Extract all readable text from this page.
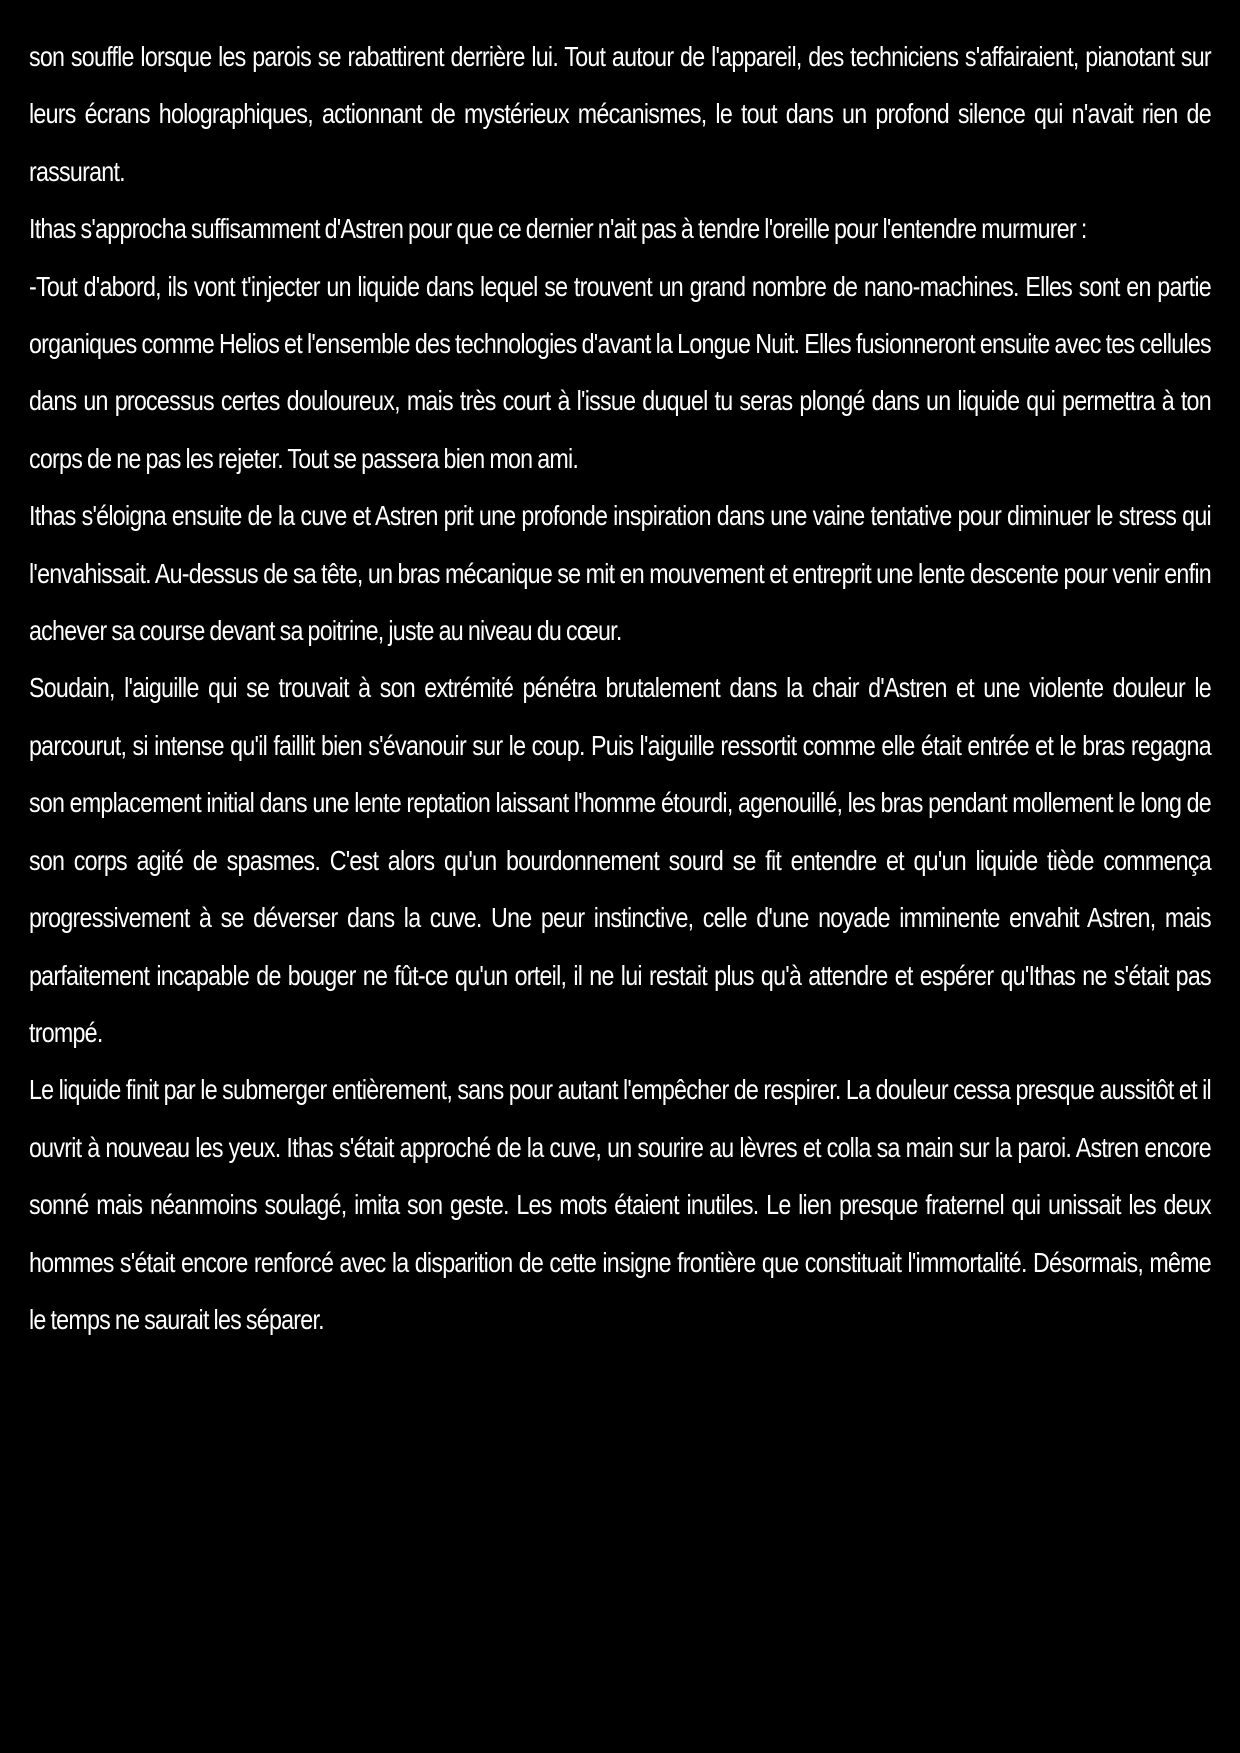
son souffle lorsque les parois se rabattirent derrière lui. Tout autour de l'appareil, des techniciens s'affairaient, pianotant sur leurs écrans holographiques, actionnant de mystérieux mécanismes, le tout dans un profond silence qui n'avait rien de rassurant.

Ithas s'approcha suffisamment d'Astren pour que ce dernier n'ait pas à tendre l'oreille pour l'entendre murmurer :

-Tout d'abord, ils vont t'injecter un liquide dans lequel se trouvent un grand nombre de nano-machines. Elles sont en partie organiques comme Helios et l'ensemble des technologies d'avant la Longue Nuit. Elles fusionneront ensuite avec tes cellules dans un processus certes douloureux, mais très court à l'issue duquel tu seras plongé dans un liquide qui permettra à ton corps de ne pas les rejeter. Tout se passera bien mon ami.

Ithas s'éloigna ensuite de la cuve et Astren prit une profonde inspiration dans une vaine tentative pour diminuer le stress qui l'envahissait. Au-dessus de sa tête, un bras mécanique se mit en mouvement et entreprit une lente descente pour venir enfin achever sa course devant sa poitrine, juste au niveau du cœur.

Soudain, l'aiguille qui se trouvait à son extrémité pénétra brutalement dans la chair d'Astren et une violente douleur le parcourut, si intense qu'il faillit bien s'évanouir sur le coup. Puis l'aiguille ressortit comme elle était entrée et le bras regagna son emplacement initial dans une lente reptation laissant l'homme étourdi, agenouillé, les bras pendant mollement le long de son corps agité de spasmes. C'est alors qu'un bourdonnement sourd se fit entendre et qu'un liquide tiède commença progressivement à se déverser dans la cuve. Une peur instinctive, celle d'une noyade imminente envahit Astren, mais parfaitement incapable de bouger ne fût-ce qu'un orteil, il ne lui restait plus qu'à attendre et espérer qu'Ithas ne s'était pas trompé.

Le liquide finit par le submerger entièrement, sans pour autant l'empêcher de respirer. La douleur cessa presque aussitôt et il ouvrit à nouveau les yeux. Ithas s'était approché de la cuve, un sourire au lèvres et colla sa main sur la paroi. Astren encore sonné mais néanmoins soulagé, imita son geste. Les mots étaient inutiles. Le lien presque fraternel qui unissait les deux hommes s'était encore renforcé avec la disparition de cette insigne frontière que constituait l'immortalité. Désormais, même le temps ne saurait les séparer.
